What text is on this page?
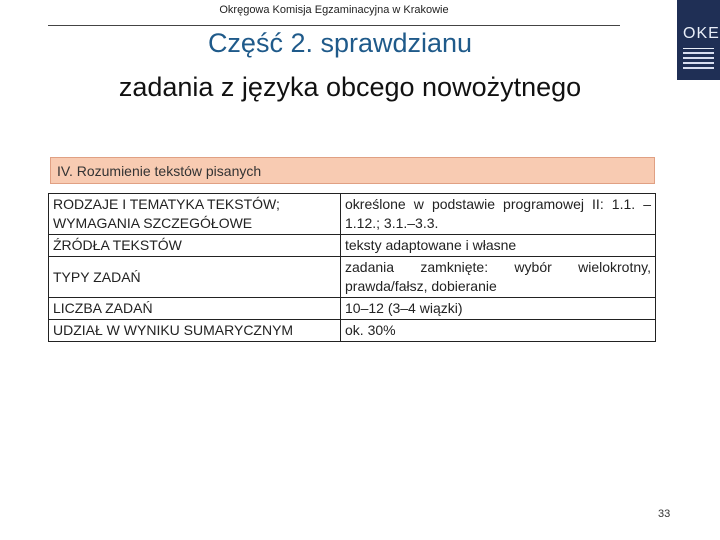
Okręgowa Komisja Egzaminacyjna w Krakowie
OKE
Część 2. sprawdzianu
zadania z języka obcego nowożytnego
IV. Rozumienie tekstów pisanych
RODZAJE I TEMATYKA TEKSTÓW; WYMAGANIA SZCZEGÓŁOWE	określone w podstawie programowej II: 1.1. –1.12.; 3.1.–3.3.
ŹRÓDŁA TEKSTÓW	teksty adaptowane i własne
TYPY ZADAŃ	zadania zamknięte: wybór wielokrotny, prawda/fałsz, dobieranie
LICZBA ZADAŃ	10–12 (3–4 wiązki)
UDZIAŁ W WYNIKU SUMARYCZNYM	ok. 30%
33
